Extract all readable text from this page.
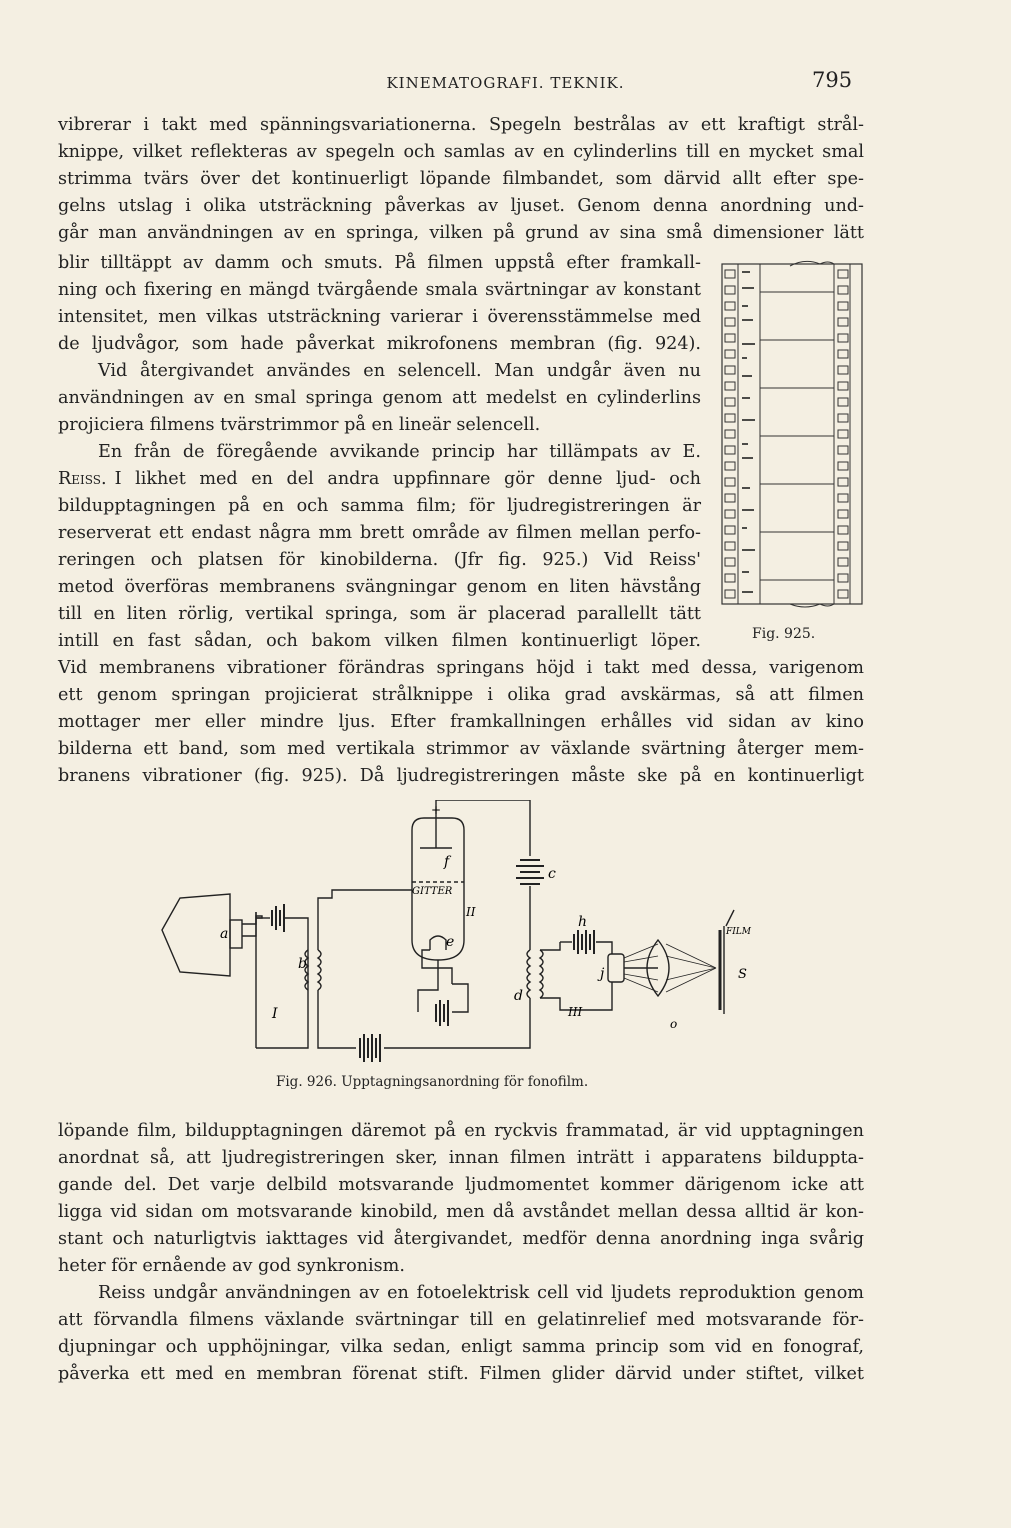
KINEMATOGRAFI. TEKNIK.	795
vibrerar i takt med spänningsvariationerna. Spegeln bestrålas av ett kraftigt strål-
knippe, vilket reflekteras av spegeln och samlas av en cylinderlins till en mycket smal
strimma tvärs över det kontinuerligt löpande filmbandet, som därvid allt efter spe-
gelns utslag i olika utsträckning påverkas av ljuset. Genom denna anordning und-
går man användningen av en springa, vilken på grund av sina små dimensioner lätt
blir tilltäppt av damm och smuts. På filmen uppstå efter framkall-
ning och fixering en mängd tvärgående smala svärtningar av konstant
intensitet, men vilkas utsträckning varierar i överensstämmelse med
de ljudvågor, som hade påverkat mikrofonens membran (fig. 924).
Vid återgivandet användes en selencell. Man undgår även nu
användningen av en smal springa genom att medelst en cylinderlins
projiciera filmens tvärstrimmor på en lineär selencell.
En från de föregående avvikande princip har tillämpats av E.
Reiss. I likhet med en del andra uppfinnare gör denne ljud- och
bildupptagningen på en och samma film; för ljudregistreringen är
reserverat ett endast några mm brett område av filmen mellan perfo-
reringen och platsen för kinobilderna. (Jfr fig. 925.) Vid Reiss'
metod överföras membranens svängningar genom en liten hävstång
till en liten rörlig, vertikal springa, som är placerad parallellt tätt
intill en fast sådan, och bakom vilken filmen kontinuerligt löper.	Fig. 925.
Vid membranens vibrationer förändras springans höjd i takt med dessa, varigenom
ett genom springan projicierat strålknippe i olika grad avskärmas, så att filmen
mottager mer eller mindre ljus. Efter framkallningen erhålles vid sidan av kino
bilderna ett band, som med vertikala strimmor av växlande svärtning återger mem-
branens vibrationer (fig. 925). Då ljudregistreringen måste ske på en kontinuerligt
a
b
I
+
f
GITTER
c
II
e
d
h
j
III
o
FILM
S
Fig. 926. Upptagningsanordning för fonofilm.
löpande film, bildupptagningen däremot på en ryckvis frammatad, är vid upptagningen
anordnat så, att ljudregistreringen sker, innan filmen inträtt i apparatens bilduppta-
gande del. Det varje delbild motsvarande ljudmomentet kommer därigenom icke att
ligga vid sidan om motsvarande kinobild, men då avståndet mellan dessa alltid är kon-
stant och naturligtvis iakttages vid återgivandet, medför denna anordning inga svårig
heter för ernående av god synkronism.
Reiss undgår användningen av en fotoelektrisk cell vid ljudets reproduktion genom
att förvandla filmens växlande svärtningar till en gelatinrelief med motsvarande för-
djupningar och upphöjningar, vilka sedan, enligt samma princip som vid en fonograf,
påverka ett med en membran förenat stift. Filmen glider därvid under stiftet, vilket
